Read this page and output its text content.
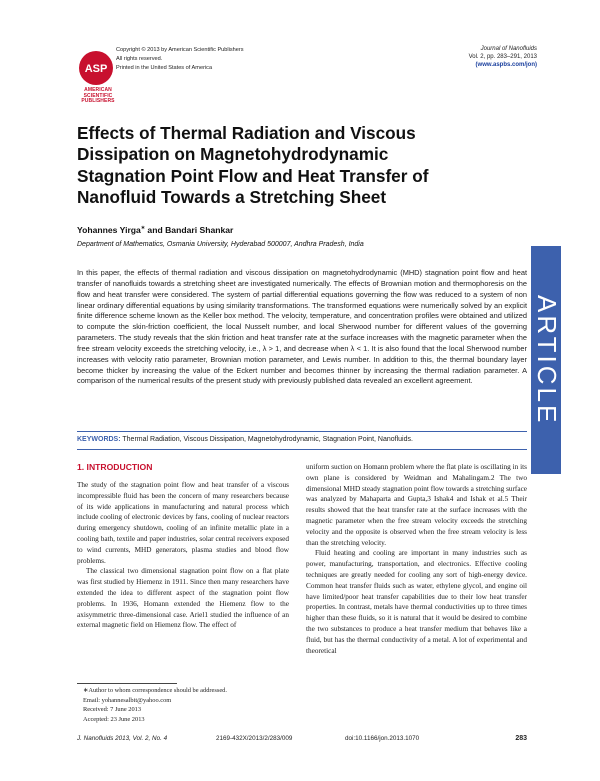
ASP
AMERICAN
SCIENTIFIC
PUBLISHERS
Copyright © 2013 by American Scientific Publishers
All rights reserved.
Printed in the United States of America
Journal of Nanofluids
Vol. 2, pp. 283–291, 2013
(www.aspbs.com/jon)
Effects of Thermal Radiation and Viscous Dissipation on Magnetohydrodynamic Stagnation Point Flow and Heat Transfer of Nanofluid Towards a Stretching Sheet
Yohannes Yirga∗ and Bandari Shankar
Department of Mathematics, Osmania University, Hyderabad 500007, Andhra Pradesh, India
In this paper, the effects of thermal radiation and viscous dissipation on magnetohydrodynamic (MHD) stagnation point flow and heat transfer of nanofluids towards a stretching sheet are investigated numerically. The effects of Brownian motion and thermophoresis on the flow and heat transfer were considered. The system of partial differential equations governing the flow was reduced to a system of non linear ordinary differential equations by using similarity transformations. The transformed equations were numerically solved by an explicit finite difference scheme known as the Keller box method. The velocity, temperature, and concentration profiles were obtained and utilized to compute the skin-friction coefficient, the local Nusselt number, and local Sherwood number for different values of the governing parameters. The study reveals that the skin friction and heat transfer rate at the surface increases with the magnetic parameter when the free stream velocity exceeds the stretching velocity, i.e., λ > 1, and decrease when λ < 1. It is also found that the local Sherwood number increases with velocity ratio parameter, Brownian motion parameter, and Lewis number. In addition to this, the thermal boundary layer become thicker by increasing the value of the Eckert number and becomes thinner by increasing the thermal radiation parameter. A comparison of the numerical results of the present study with previously published data revealed an excellent agreement.	ARTICLE
KEYWORDS: Thermal Radiation, Viscous Dissipation, Magnetohydrodynamic, Stagnation Point, Nanofluids.
1. INTRODUCTION

The study of the stagnation point flow and heat transfer of a viscous incompressible fluid has been the concern of many researchers because of its wide applications in manufacturing and natural process which include cooling of electronic devices by fans, cooling of nuclear reactors during emergency shutdown, cooling of an infinite metallic plate in a cooling bath, textile and paper industries, solar central receivers exposed to wind currents, MHD generators, plasma studies and blood flow problems.

The classical two dimensional stagnation point flow on a flat plate was first studied by Hiemenz in 1911. Since then many researchers have extended the idea to different aspect of the stagnation point flow problems. In 1936, Homann extended the Hiemenz flow to the axisymmetric three-dimensional case. Ariel1 studied the influence of an external magnetic field on Hiemenz flow. The effect of

uniform suction on Homann problem where the flat plate is oscillating in its own plane is considered by Weidman and Mahalingam.2 The two dimensional MHD steady stagnation point flow towards a stretching surface was analyzed by Mahaparta and Gupta,3 Ishak4 and Ishak et al.5 Their results showed that the heat transfer rate at the surface increases with the magnetic parameter when the free stream velocity exceeds the stretching velocity and the opposite is observed when the free stream velocity is less than the stretching velocity.

Fluid heating and cooling are important in many industries such as power, manufacturing, transportation, and electronics. Effective cooling techniques are greatly needed for cooling any sort of high-energy device. Common heat transfer fluids such as water, ethylene glycol, and engine oil have limited/poor heat transfer capabilities due to their low heat transfer properties. In contrast, metals have thermal conductivities up to three times higher than these fluids, so it is natural that it would be desired to combine the two substances to produce a heat transfer medium that behaves like a fluid, but has the thermal conductivity of a metal. A lot of experimental and theoretical

∗Author to whom correspondence should be addressed.
Email: yohannesalbit@yahoo.com
Received: 7 June 2013
Accepted: 23 June 2013
J. Nanofluids 2013, Vol. 2, No. 4	2169-432X/2013/2/283/009	doi:10.1166/jon.2013.1070	283
